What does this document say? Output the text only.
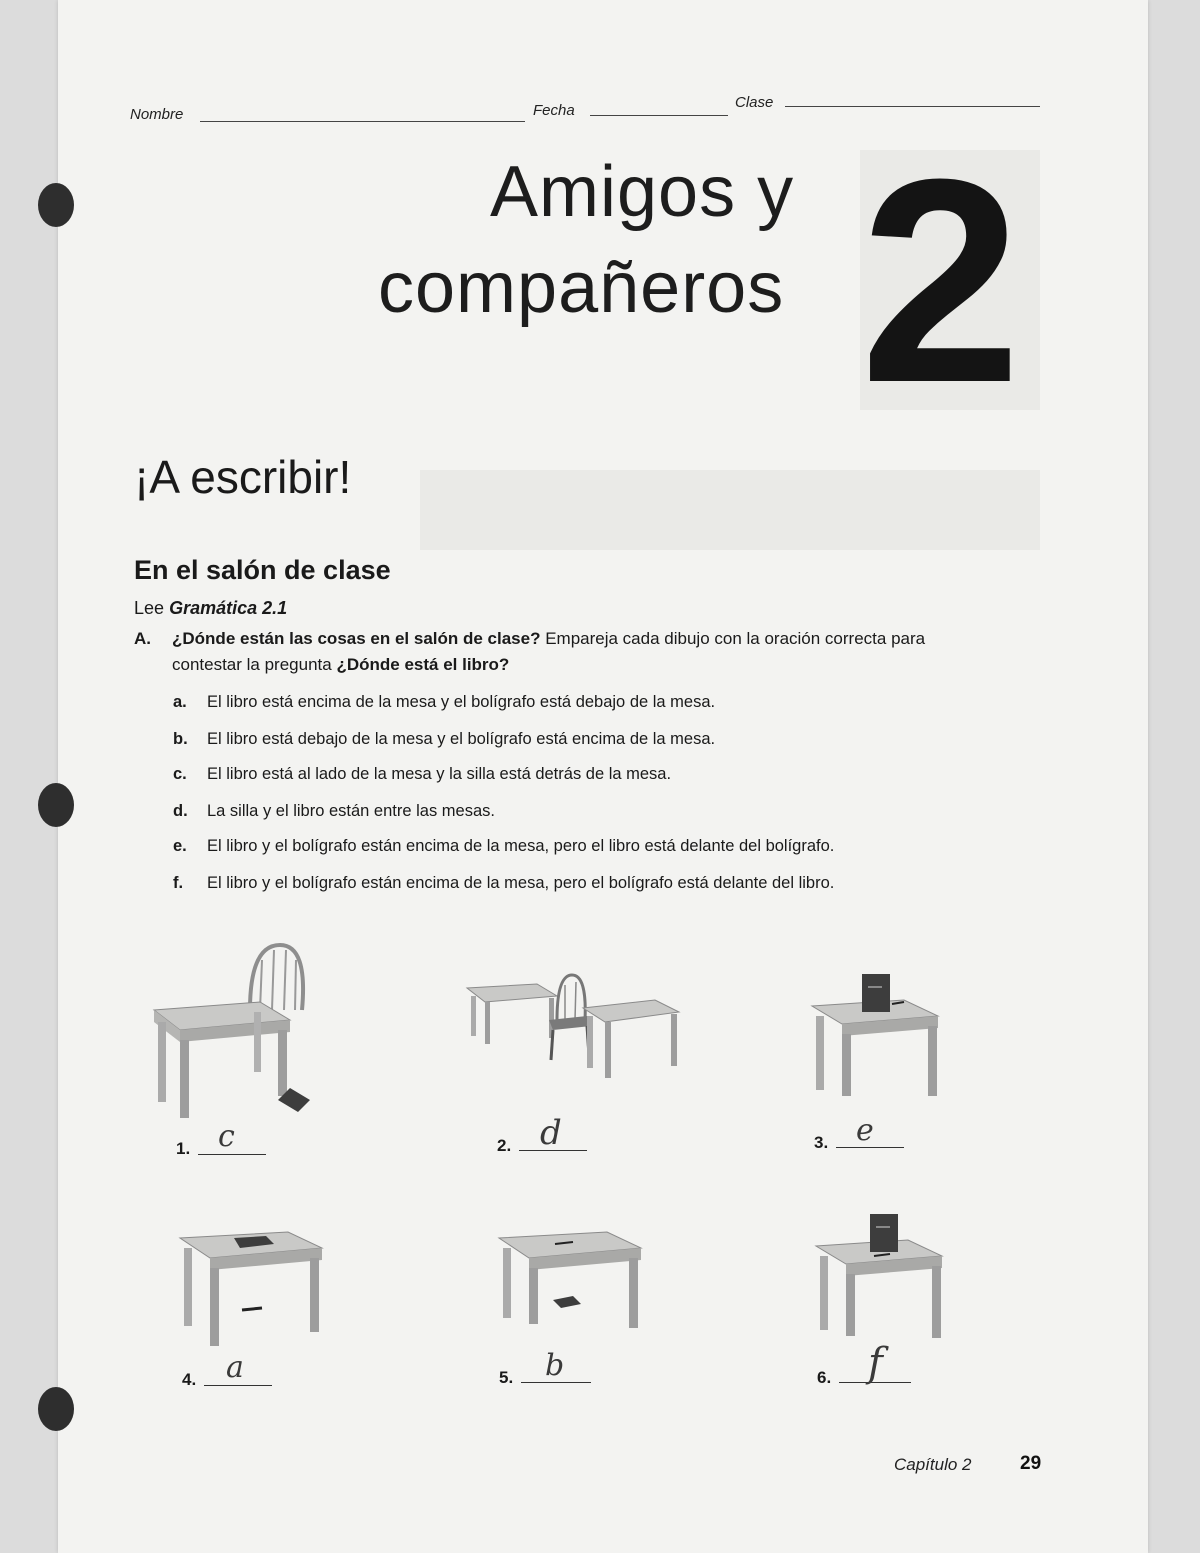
Nombre	Fecha	Clase
Amigos y
compañeros 2
¡A escribir!
En el salón de clase
Lee Gramática 2.1
A. ¿Dónde están las cosas en el salón de clase? Empareja cada dibujo con la oración correcta para
contestar la pregunta ¿Dónde está el libro?
a. El libro está encima de la mesa y el bolígrafo está debajo de la mesa.
b. El libro está debajo de la mesa y el bolígrafo está encima de la mesa.
c. El libro está al lado de la mesa y la silla está detrás de la mesa.
d. La silla y el libro están entre las mesas.
e. El libro y el bolígrafo están encima de la mesa, pero el libro está delante del bolígrafo.
f. El libro y el bolígrafo están encima de la mesa, pero el bolígrafo está delante del libro.
1. c	2. d	3. e
4. a	5. b	6. f
Capítulo 2	29
